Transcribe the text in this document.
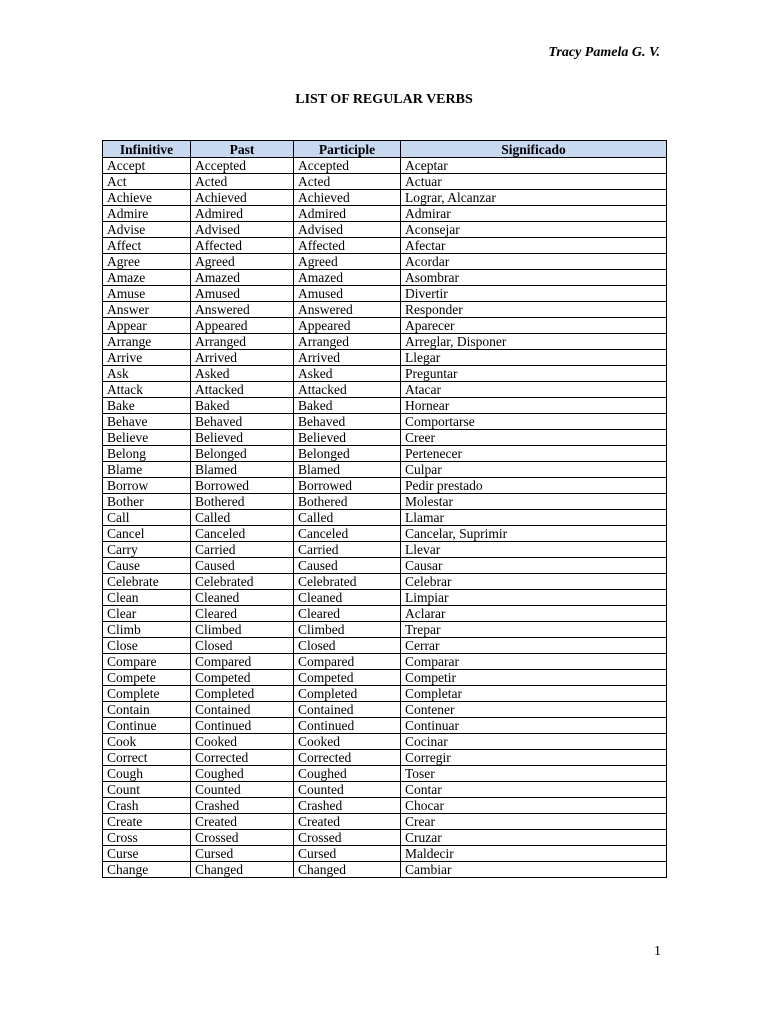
Tracy Pamela G. V.
LIST OF REGULAR VERBS
Infinitive	Past	Participle	Significado
Accept	Accepted	Accepted	Aceptar
Act	Acted	Acted	Actuar
Achieve	Achieved	Achieved	Lograr, Alcanzar
Admire	Admired	Admired	Admirar
Advise	Advised	Advised	Aconsejar
Affect	Affected	Affected	Afectar
Agree	Agreed	Agreed	Acordar
Amaze	Amazed	Amazed	Asombrar
Amuse	Amused	Amused	Divertir
Answer	Answered	Answered	Responder
Appear	Appeared	Appeared	Aparecer
Arrange	Arranged	Arranged	Arreglar, Disponer
Arrive	Arrived	Arrived	Llegar
Ask	Asked	Asked	Preguntar
Attack	Attacked	Attacked	Atacar
Bake	Baked	Baked	Hornear
Behave	Behaved	Behaved	Comportarse
Believe	Believed	Believed	Creer
Belong	Belonged	Belonged	Pertenecer
Blame	Blamed	Blamed	Culpar
Borrow	Borrowed	Borrowed	Pedir prestado
Bother	Bothered	Bothered	Molestar
Call	Called	Called	Llamar
Cancel	Canceled	Canceled	Cancelar, Suprimir
Carry	Carried	Carried	Llevar
Cause	Caused	Caused	Causar
Celebrate	Celebrated	Celebrated	Celebrar
Clean	Cleaned	Cleaned	Limpiar
Clear	Cleared	Cleared	Aclarar
Climb	Climbed	Climbed	Trepar
Close	Closed	Closed	Cerrar
Compare	Compared	Compared	Comparar
Compete	Competed	Competed	Competir
Complete	Completed	Completed	Completar
Contain	Contained	Contained	Contener
Continue	Continued	Continued	Continuar
Cook	Cooked	Cooked	Cocinar
Correct	Corrected	Corrected	Corregir
Cough	Coughed	Coughed	Toser
Count	Counted	Counted	Contar
Crash	Crashed	Crashed	Chocar
Create	Created	Created	Crear
Cross	Crossed	Crossed	Cruzar
Curse	Cursed	Cursed	Maldecir
Change	Changed	Changed	Cambiar
1
